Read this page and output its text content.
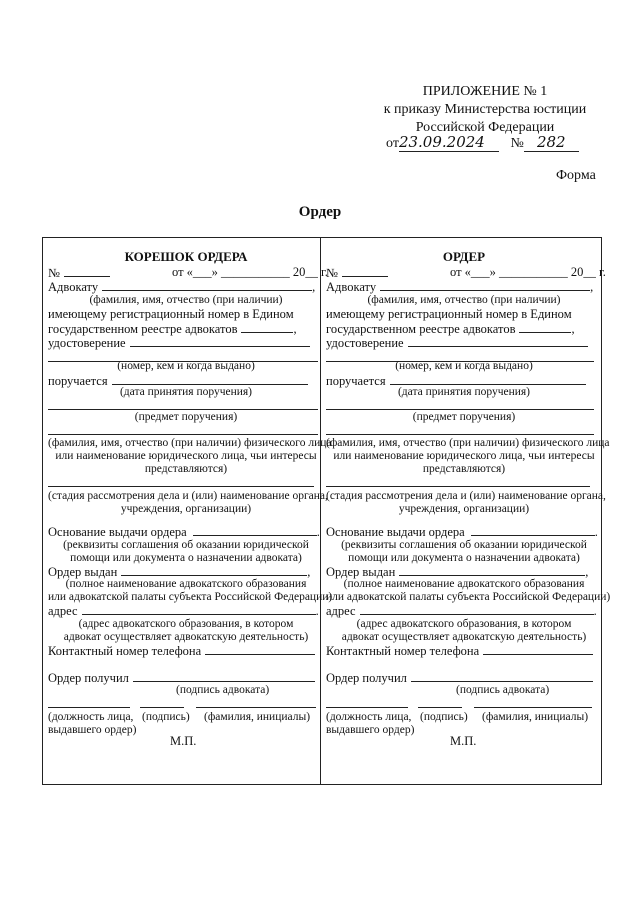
ПРИЛОЖЕНИЕ № 1
к приказу Министерства юстиции
Российской Федерации
от23.09.2024 № 282
Форма
Ордер
КОРЕШОК ОРДЕРА
№	от «___» ___________ 20__ г.
Адвокату	,
(фамилия, имя, отчество (при наличии)
имеющему регистрационный номер в Едином
государственном реестре адвокатов	,
удостоверение
(номер, кем и когда выдано)
поручается
(дата принятия поручения)
(предмет поручения)
(фамилия, имя, отчество (при наличии) физического лица
или наименование юридического лица, чьи интересы
представляются)
(стадия рассмотрения дела и (или) наименование органа,
учреждения, организации)
Основание выдачи ордера	.
(реквизиты соглашения об оказании юридической
помощи или документа о назначении адвоката)
Ордер выдан	,
(полное наименование адвокатского образования
или адвокатской палаты субъекта Российской Федерации)
адрес	.
(адрес адвокатского образования, в котором
адвокат осуществляет адвокатскую деятельность)
Контактный номер телефона
Ордер получил
(подпись адвоката)
(должность лица, (подпись)	(фамилия, инициалы)
выдавшего ордер)
М.П.
ОРДЕР
№	от «___» ___________ 20__ г.
Адвокату	,
(фамилия, имя, отчество (при наличии)
имеющему регистрационный номер в Едином
государственном реестре адвокатов	,
удостоверение
(номер, кем и когда выдано)
поручается
(дата принятия поручения)
(предмет поручения)
(фамилия, имя, отчество (при наличии) физического лица
или наименование юридического лица, чьи интересы
представляются)
(стадия рассмотрения дела и (или) наименование органа,
учреждения, организации)
Основание выдачи ордера	.
(реквизиты соглашения об оказании юридической
помощи или документа о назначении адвоката)
Ордер выдан	,
(полное наименование адвокатского образования
или адвокатской палаты субъекта Российской Федерации)
адрес	.
(адрес адвокатского образования, в котором
адвокат осуществляет адвокатскую деятельность)
Контактный номер телефона
Ордер получил
(подпись адвоката)
(должность лица, (подпись)	(фамилия, инициалы)
выдавшего ордер)
М.П.
